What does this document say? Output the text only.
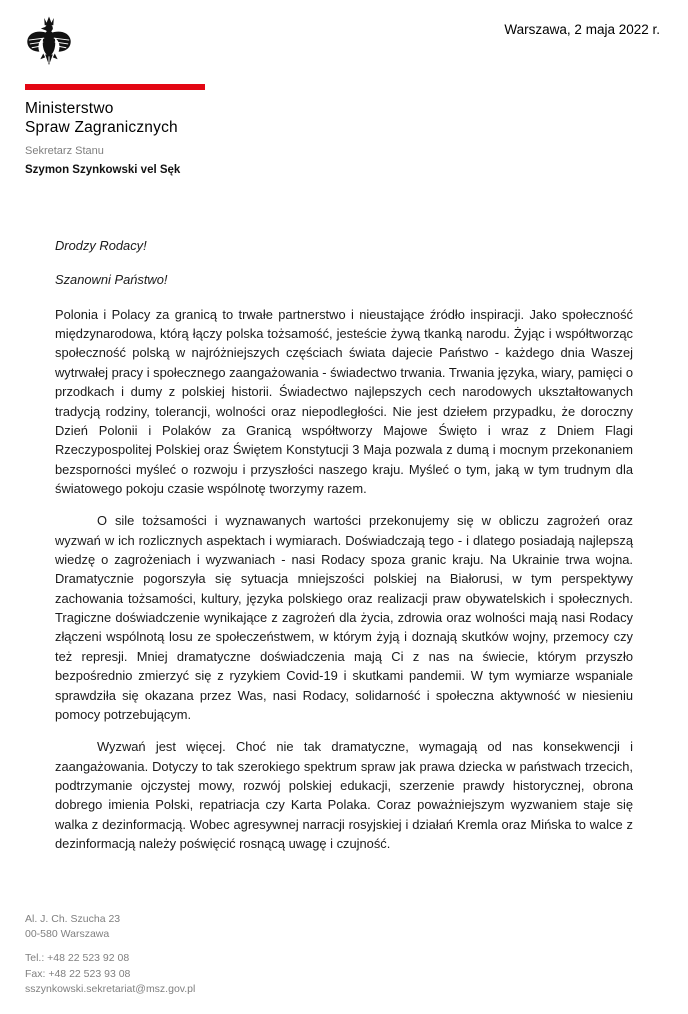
Warszawa, 2 maja 2022 r.
Ministerstwo
Spraw Zagranicznych
Sekretarz Stanu
Szymon Szynkowski vel Sęk

Drodzy Rodacy!

Szanowni Państwo!

Polonia i Polacy za granicą to trwałe partnerstwo i nieustające źródło inspiracji. Jako społeczność międzynarodowa, którą łączy polska tożsamość, jesteście żywą tkanką narodu. Żyjąc i współtworząc społeczność polską w najróżniejszych częściach świata dajecie Państwo - każdego dnia Waszej wytrwałej pracy i społecznego zaangażowania - świadectwo trwania. Trwania języka, wiary, pamięci o przodkach i dumy z polskiej historii. Świadectwo najlepszych cech narodowych ukształtowanych tradycją rodziny, tolerancji, wolności oraz niepodległości. Nie jest dziełem przypadku, że doroczny Dzień Polonii i Polaków za Granicą współtworzy Majowe Święto i wraz z Dniem Flagi Rzeczypospolitej Polskiej oraz Świętem Konstytucji 3 Maja pozwala z dumą i mocnym przekonaniem bezsporności myśleć o rozwoju i przyszłości naszego kraju. Myśleć o tym, jaką w tym trudnym dla światowego pokoju czasie wspólnotę tworzymy razem.

O sile tożsamości i wyznawanych wartości przekonujemy się w obliczu zagrożeń oraz wyzwań w ich rozlicznych aspektach i wymiarach. Doświadczają tego - i dlatego posiadają najlepszą wiedzę o zagrożeniach i wyzwaniach - nasi Rodacy spoza granic kraju. Na Ukrainie trwa wojna. Dramatycznie pogorszyła się sytuacja mniejszości polskiej na Białorusi, w tym perspektywy zachowania tożsamości, kultury, języka polskiego oraz realizacji praw obywatelskich i społecznych. Tragiczne doświadczenie wynikające z zagrożeń dla życia, zdrowia oraz wolności mają nasi Rodacy złączeni wspólnotą losu ze społeczeństwem, w którym żyją i doznają skutków wojny, przemocy czy też represji. Mniej dramatyczne doświadczenia mają Ci z nas na świecie, którym przyszło bezpośrednio zmierzyć się z ryzykiem Covid-19 i skutkami pandemii. W tym wymiarze wspaniale sprawdziła się okazana przez Was, nasi Rodacy, solidarność i społeczna aktywność w niesieniu pomocy potrzebującym.

Wyzwań jest więcej. Choć nie tak dramatyczne, wymagają od nas konsekwencji i zaangażowania. Dotyczy to tak szerokiego spektrum spraw jak prawa dziecka w państwach trzecich, podtrzymanie ojczystej mowy, rozwój polskiej edukacji, szerzenie prawdy historycznej, obrona dobrego imienia Polski, repatriacja czy Karta Polaka. Coraz poważniejszym wyzwaniem staje się walka z dezinformacją. Wobec agresywnej narracji rosyjskiej i działań Kremla oraz Mińska to walce z dezinformacją należy poświęcić rosnącą uwagę i czujność.

Al. J. Ch. Szucha 23
00-580 Warszawa
Tel.: +48 22 523 92 08
Fax: +48 22 523 93 08
sszynkowski.sekretariat@msz.gov.pl
